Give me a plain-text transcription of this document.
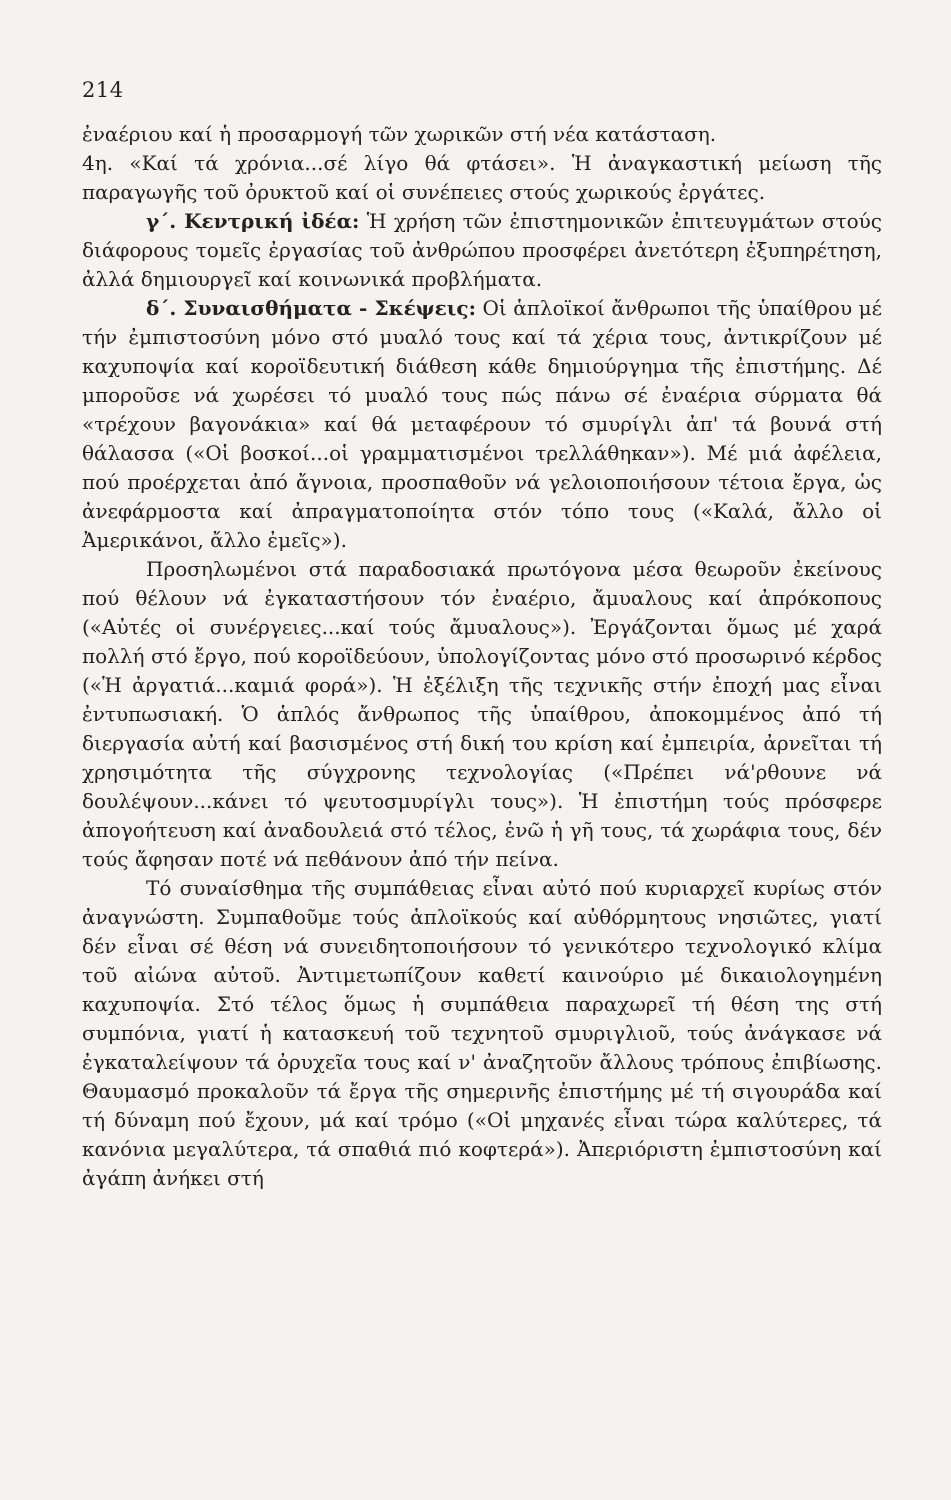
214

ἐναέριου καί ἡ προσαρμογή τῶν χωρικῶν στή νέα κατάσταση.

4η. «Καί τά χρόνια...σέ λίγο θά φτάσει». Ἡ ἀναγκαστική μείωση τῆς παραγωγῆς τοῦ ὀρυκτοῦ καί οἱ συνέπειες στούς χωρικούς ἐργάτες.

γ΄. Κεντρική ἰδέα: Ἡ χρήση τῶν ἐπιστημονικῶν ἐπιτευγμάτων στούς διάφορους τομεῖς ἐργασίας τοῦ ἀνθρώπου προσφέρει ἀνετότερη ἐξυπηρέτηση, ἀλλά δημιουργεῖ καί κοινωνικά προβλήματα.

δ΄. Συναισθήματα - Σκέψεις: Οἱ ἁπλοϊκοί ἄνθρωποι τῆς ὑπαίθρου μέ τήν ἐμπιστοσύνη μόνο στό μυαλό τους καί τά χέρια τους, ἀντικρίζουν μέ καχυποψία καί κοροϊδευτική διάθεση κάθε δημιούργημα τῆς ἐπιστήμης. Δέ μποροῦσε νά χωρέσει τό μυαλό τους πώς πάνω σέ ἐναέρια σύρματα θά «τρέχουν βαγονάκια» καί θά μεταφέρουν τό σμυρίγλι ἀπ' τά βουνά στή θάλασσα («Οἱ βοσκοί...οἱ γραμματισμένοι τρελλάθηκαν»). Μέ μιά ἀφέλεια, πού προέρχεται ἀπό ἄγνοια, προσπαθοῦν νά γελοιοποιήσουν τέτοια ἔργα, ὡς ἀνεφάρμοστα καί ἀπραγματοποίητα στόν τόπο τους («Καλά, ἄλλο οἱ Ἀμερικάνοι, ἄλλο ἐμεῖς»).

Προσηλωμένοι στά παραδοσιακά πρωτόγονα μέσα θεωροῦν ἐκείνους πού θέλουν νά ἐγκαταστήσουν τόν ἐναέριο, ἄμυαλους καί ἀπρόκοπους («Αὐτές οἱ συνέργειες...καί τούς ἄμυαλους»). Ἐργάζονται ὅμως μέ χαρά πολλή στό ἔργο, πού κοροϊδεύουν, ὑπολογίζοντας μόνο στό προσωρινό κέρδος («Ἡ ἀργατιά...καμιά φορά»). Ἡ ἐξέλιξη τῆς τεχνικῆς στήν ἐποχή μας εἶναι ἐντυπωσιακή. Ὁ ἁπλός ἄνθρωπος τῆς ὑπαίθρου, ἀποκομμένος ἀπό τή διεργασία αὐτή καί βασισμένος στή δική του κρίση καί ἐμπειρία, ἀρνεῖται τή χρησιμότητα τῆς σύγχρονης τεχνολογίας («Πρέπει νά'ρθουνε νά δουλέψουν...κάνει τό ψευτοσμυρίγλι τους»). Ἡ ἐπιστήμη τούς πρόσφερε ἀπογοήτευση καί ἀναδουλειά στό τέλος, ἐνῶ ἡ γῆ τους, τά χωράφια τους, δέν τούς ἄφησαν ποτέ νά πεθάνουν ἀπό τήν πείνα.

Τό συναίσθημα τῆς συμπάθειας εἶναι αὐτό πού κυριαρχεῖ κυρίως στόν ἀναγνώστη. Συμπαθοῦμε τούς ἁπλοϊκούς καί αὐθόρμητους νησιῶτες, γιατί δέν εἶναι σέ θέση νά συνειδητοποιήσουν τό γενικότερο τεχνολογικό κλίμα τοῦ αἰώνα αὐτοῦ. Ἀντιμετωπίζουν καθετί καινούριο μέ δικαιολογημένη καχυποψία. Στό τέλος ὅμως ἡ συμπάθεια παραχωρεῖ τή θέση της στή συμπόνια, γιατί ἡ κατασκευή τοῦ τεχνητοῦ σμυριγλιοῦ, τούς ἀνάγκασε νά ἐγκαταλείψουν τά ὀρυχεῖα τους καί ν' ἀναζητοῦν ἄλλους τρόπους ἐπιβίωσης. Θαυμασμό προκαλοῦν τά ἔργα τῆς σημερινῆς ἐπιστήμης μέ τή σιγουράδα καί τή δύναμη πού ἔχουν, μά καί τρόμο («Οἱ μηχανές εἶναι τώρα καλύτερες, τά κανόνια μεγαλύτερα, τά σπαθιά πιό κοφτερά»). Ἀπεριόριστη ἐμπιστοσύνη καί ἀγάπη ἀνήκει στή
